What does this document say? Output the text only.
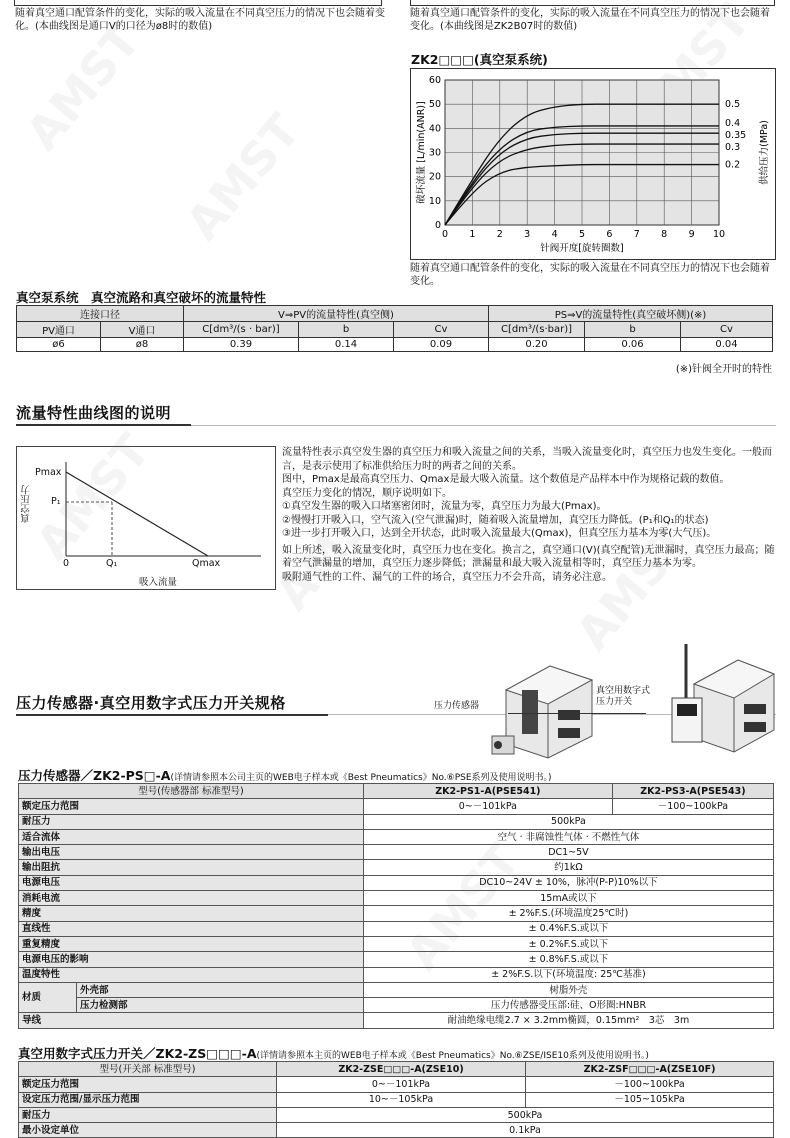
随着真空通口配管条件的变化，实际的吸入流量在不同真空压力的情况下也会随着变化。(本曲线图是通口V的口径为ø8时的数值)
随着真空通口配管条件的变化，实际的吸入流量在不同真空压力的情况下也会随着变化。(本曲线图是ZK2B07时的数值)
ZK2□□□(真空泵系统)
0 1 2 3 4 5 6 7 8 9 10
0
10
20
30
40
50
60
0.5
0.4
0.35
0.3
0.2
针阀开度[旋转圈数]
破坏流量 [L/min(ANR)]	供给压力(MPa)
随着真空通口配管条件的变化，实际的吸入流量在不同真空压力的情况下也会随着变化。
真空泵系统　真空流路和真空破坏的流量特性
连接口径		V⇒PV的流量特性(真空侧)			PS⇒V的流量特性(真空破坏侧)(※)		
PV通口	V通口	C[dm³/(s · bar)]	b	Cv	C[dm³/(s·bar)]	b	Cv
ø6	ø8	0.39	0.14	0.09	0.20	0.06	0.04
(※)针阀全开时的特性
流量特性曲线图的说明
Pmax
P₁
0	Q₁	Qmax
吸入流量
真空压力

流量特性表示真空发生器的真空压力和吸入流量之间的关系，当吸入流量变化时，真空压力也发生变化。一般而言，是表示使用了标准供给压力时的两者之间的关系。

图中，Pmax是最高真空压力、Qmax是最大吸入流量。这个数值是产品样本中作为规格记载的数值。

真空压力变化的情况，顺序说明如下。

①真空发生器的吸入口堵塞密闭时，流量为零，真空压力为最大(Pmax)。

②慢慢打开吸入口，空气流入(空气泄漏)时，随着吸入流量增加，真空压力降低。(P₁和Q₁的状态)

③进一步打开吸入口，达到全开状态，此时吸入流量最大(Qmax)，但真空压力基本为零(大气压)。

如上所述，吸入流量变化时，真空压力也在变化。换言之，真空通口(V)(真空配管)无泄漏时，真空压力最高；随着空气泄漏量的增加，真空压力逐步降低；泄漏量和最大吸入流量相等时，真空压力基本为零。

吸附通气性的工件、漏气的工件的场合，真空压力不会升高，请务必注意。

压力传感器·真空用数字式压力开关规格	压力传感器
真空用数字式
压力开关
压力传感器／ZK2-PS□-A(详情请参照本公司主页的WEB电子样本或《Best Pneumatics》No.⑥PSE系列及使用说明书。)
型号(传感器部 标准型号)		ZK2-PS1-A(PSE541)	ZK2-PS3-A(PSE543)
额定压力范围		0~－101kPa	－100~100kPa
耐压力		500kPa	
适合流体		空气 · 非腐蚀性气体 · 不燃性气体	
输出电压		DC1~5V	
输出阻抗		约1kΩ	
电源电压		DC10~24V ± 10%，脉冲(P-P)10%以下	
消耗电流		15mA或以下	
精度		± 2%F.S.(环境温度25℃时)	
直线性		± 0.4%F.S.或以下	
重复精度		± 0.2%F.S.或以下	
电源电压的影响		± 0.8%F.S.或以下	
温度特性		± 2%F.S.以下(环境温度: 25℃基准)	
材质	外壳部	树脂外壳	
	压力检测部	压力传感器受压部:硅、O形圈:HNBR	
导线		耐油绝缘电缆2.7 × 3.2mm椭圆，0.15mm²　3芯　3m	
真空用数字式压力开关／ZK2-ZS□□□-A(详情请参照本主页的WEB电子样本或《Best Pneumatics》No.⑥ZSE/ISE10系列及使用说明书。)
型号(开关部 标准型号)	ZK2-ZSE□□□-A(ZSE10)	ZK2-ZSF□□□-A(ZSE10F)
额定压力范围	0~－101kPa	－100~100kPa
设定压力范围/显示压力范围	10~－105kPa	－105~105kPa
耐压力	500kPa	
最小设定单位	0.1kPa	
